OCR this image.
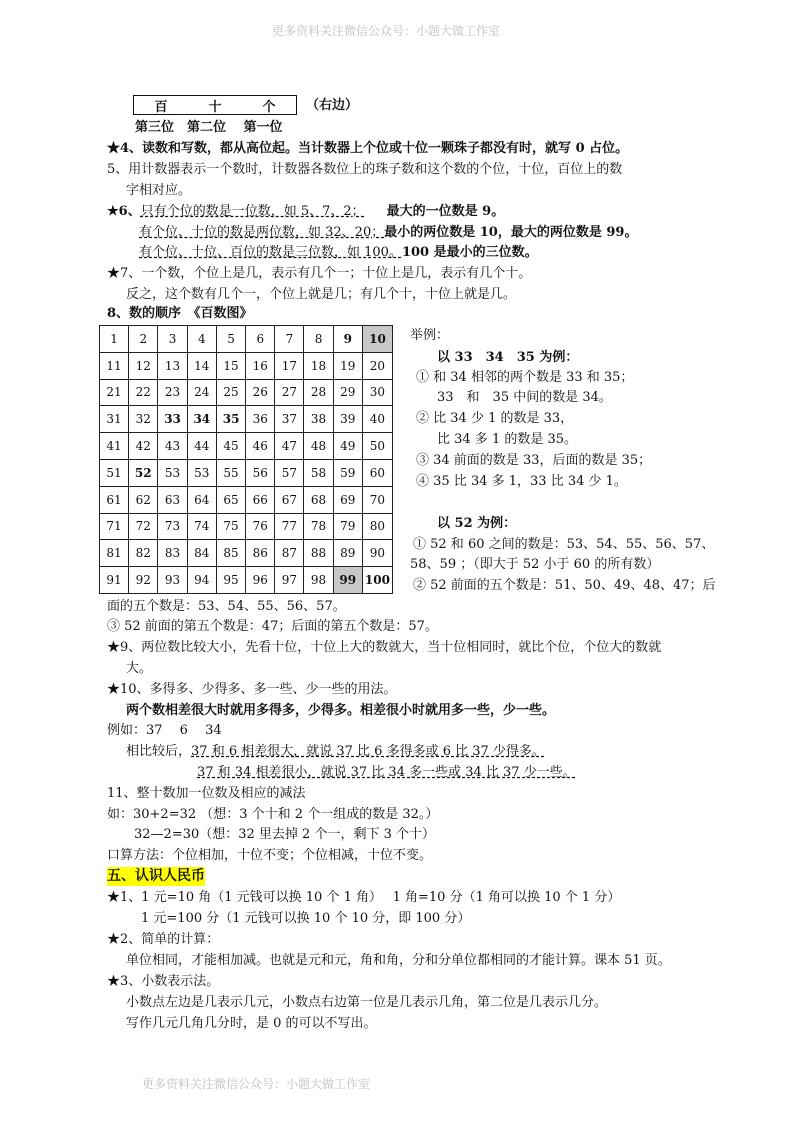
更多资料关注微信公众号：小题大做工作室
百	十	个 （右边）
第三位　第二位　 第一位
★4、读数和写数，都从高位起。当计数器上个位或十位一颗珠子都没有时，就写 0 占位。
5、用计数器表示一个数时，计数器各数位上的珠子数和这个数的个位，十位，百位上的数
字相对应。
★6、只有个位的数是一位数，如 5、7、2； 最大的一位数是 9。
有个位、十位的数是两位数，如 32、20；最小的两位数是 10，最大的两位数是 99。
有个位、十位、百位的数是三位数，如 100。100 是最小的三位数。
★7、一个数，个位上是几，表示有几个一；十位上是几，表示有几个十。
反之，这个数有几个一，个位上就是几；有几个十，十位上就是几。
8、数的顺序　《百数图》
1	2	3	4	5	6	7	8	9	10
11	12	13	14	15	16	17	18	19	20
21	22	23	24	25	26	27	28	29	30
31	32	33	34	35	36	37	38	39	40
41	42	43	44	45	46	47	48	49	50
51	52	53	53	55	56	57	58	59	60
61	62	63	64	65	66	67	68	69	70
71	72	73	74	75	76	77	78	79	80
81	82	83	84	85	86	87	88	89	90
91	92	93	94	95	96	97	98	99	100
举例：
以 33　34　35 为例：
① 和 34 相邻的两个数是 33 和 35；
33　和　35 中间的数是 34。
② 比 34 少 1 的数是 33，
比 34 多 1 的数是 35。
③ 34 前面的数是 33，后面的数是 35；
④ 35 比 34 多 1，33 比 34 少 1。
以 52 为例：
① 52 和 60 之间的数是：53、54、55、56、57、
58、59 ；（即大于 52 小于 60 的所有数）
② 52 前面的五个数是：51、50、49、48、47；后
面的五个数是：53、54、55、56、57。
③ 52 前面的第五个数是：47；后面的第五个数是：57。
★9、两位数比较大小，先看十位，十位上大的数就大，当十位相同时，就比个位，个位大的数就
大。
★10、多得多、少得多、多一些、少一些的用法。
两个数相差很大时就用多得多，少得多。相差很小时就用多一些，少一些。
例如：37　 6　 34
相比较后，37 和 6 相差很大，就说 37 比 6 多得多或 6 比 37 少得多。
37 和 34 相差很小，就说 37 比 34 多一些或 34 比 37 少一些。
11、整十数加一位数及相应的减法
如：30+2=32 （想：3 个十和 2 个一组成的数是 32。）
32—2=30（想：32 里去掉 2 个一，剩下 3 个十）
口算方法：个位相加，十位不变；个位相减，十位不变。
五、认识人民币
★1、1 元=10 角（1 元钱可以换 10 个 1 角）　 1 角=10 分（1 角可以换 10 个 1 分）
1 元=100 分（1 元钱可以换 10 个 10 分，即 100 分）
★2、简单的计算：
单位相同，才能相加减。也就是元和元，角和角，分和分单位都相同的才能计算。课本 51 页。
★3、小数表示法。
小数点左边是几表示几元，小数点右边第一位是几表示几角，第二位是几表示几分。
写作几元几角几分时，是 0 的可以不写出。
更多资料关注微信公众号：小题大做工作室
